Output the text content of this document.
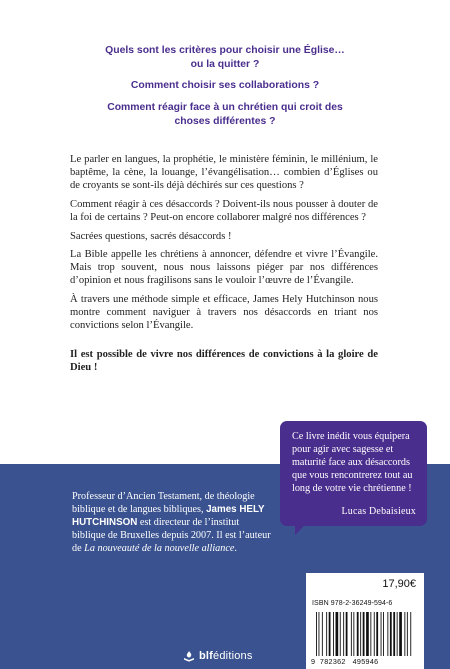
Quels sont les critères pour choisir une Église… ou la quitter ?

Comment choisir ses collaborations ?

Comment réagir face à un chrétien qui croit des choses différentes ?

Le parler en langues, la prophétie, le ministère féminin, le millénium, le baptême, la cène, la louange, l’évangélisation… combien d’Églises ou de croyants se sont-ils déjà déchirés sur ces questions ?

Comment réagir à ces désaccords ? Doivent-ils nous pousser à douter de la foi de certains ? Peut-on encore collaborer malgré nos différences ?

Sacrées questions, sacrés désaccords !

La Bible appelle les chrétiens à annoncer, défendre et vivre l’Évangile. Mais trop souvent, nous nous laissons piéger par nos différences d’opinion et nous fragilisons sans le vouloir l’œuvre de l’Évangile.

À travers une méthode simple et efficace, James Hely Hutchinson nous montre comment naviguer à travers nos désaccords en triant nos convictions selon l’Évangile.

Il est possible de vivre nos différences de convictions à la gloire de Dieu !

Professeur d’Ancien Testament, de théologie biblique et de langues bibliques, James HELY HUTCHINSON est directeur de l’institut biblique de Bruxelles depuis 2007. Il est l’auteur de La nouveauté de la nouvelle alliance.
Ce livre inédit vous équipera pour agir avec sagesse et maturité face aux désaccords que vous rencontrerez tout au long de votre vie chrétienne !
Lucas Debaisieux
17,90€
ISBN 978-2-36249-594-6
9 782362 495946
blféditions
